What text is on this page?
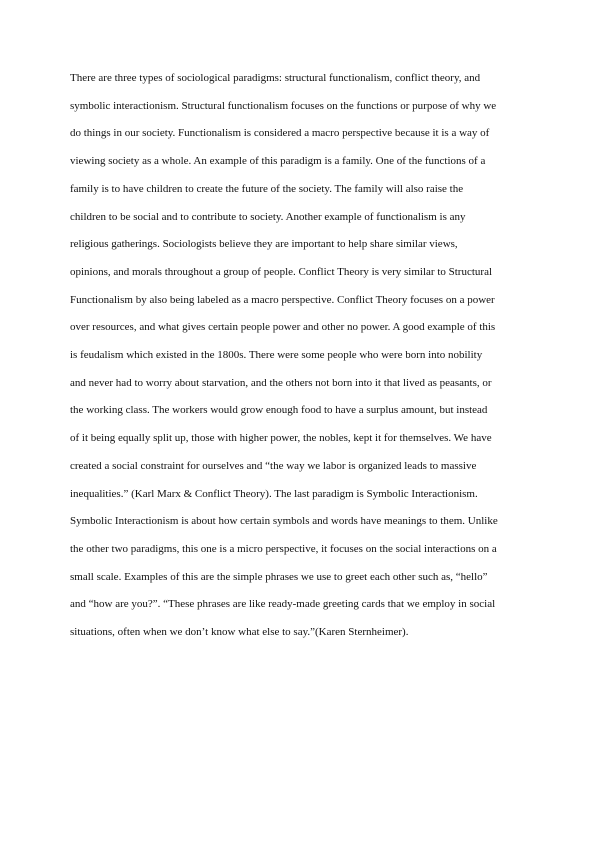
There are three types of sociological paradigms: structural functionalism, conflict theory, and
symbolic interactionism. Structural functionalism focuses on the functions or purpose of why we
do things in our society. Functionalism is considered a macro perspective because it is a way of
viewing society as a whole. An example of this paradigm is a family. One of the functions of a
family is to have children to create the future of the society. The family will also raise the
children to be social and to contribute to society. Another example of functionalism is any
religious gatherings. Sociologists believe they are important to help share similar views,
opinions, and morals throughout a group of people. Conflict Theory is very similar to Structural
Functionalism by also being labeled as a macro perspective. Conflict Theory focuses on a power
over resources, and what gives certain people power and other no power. A good example of this
is feudalism which existed in the 1800s. There were some people who were born into nobility
and never had to worry about starvation, and the others not born into it that lived as peasants, or
the working class. The workers would grow enough food to have a surplus amount, but instead
of it being equally split up, those with higher power, the nobles, kept it for themselves. We have
created a social constraint for ourselves and “the way we labor is organized leads to massive
inequalities.” (Karl Marx & Conflict Theory). The last paradigm is Symbolic Interactionism.
Symbolic Interactionism is about how certain symbols and words have meanings to them. Unlike
the other two paradigms, this one is a micro perspective, it focuses on the social interactions on a
small scale. Examples of this are the simple phrases we use to greet each other such as, “hello”
and “how are you?”. “These phrases are like ready-made greeting cards that we employ in social
situations, often when we don’t know what else to say.”(Karen Sternheimer).
